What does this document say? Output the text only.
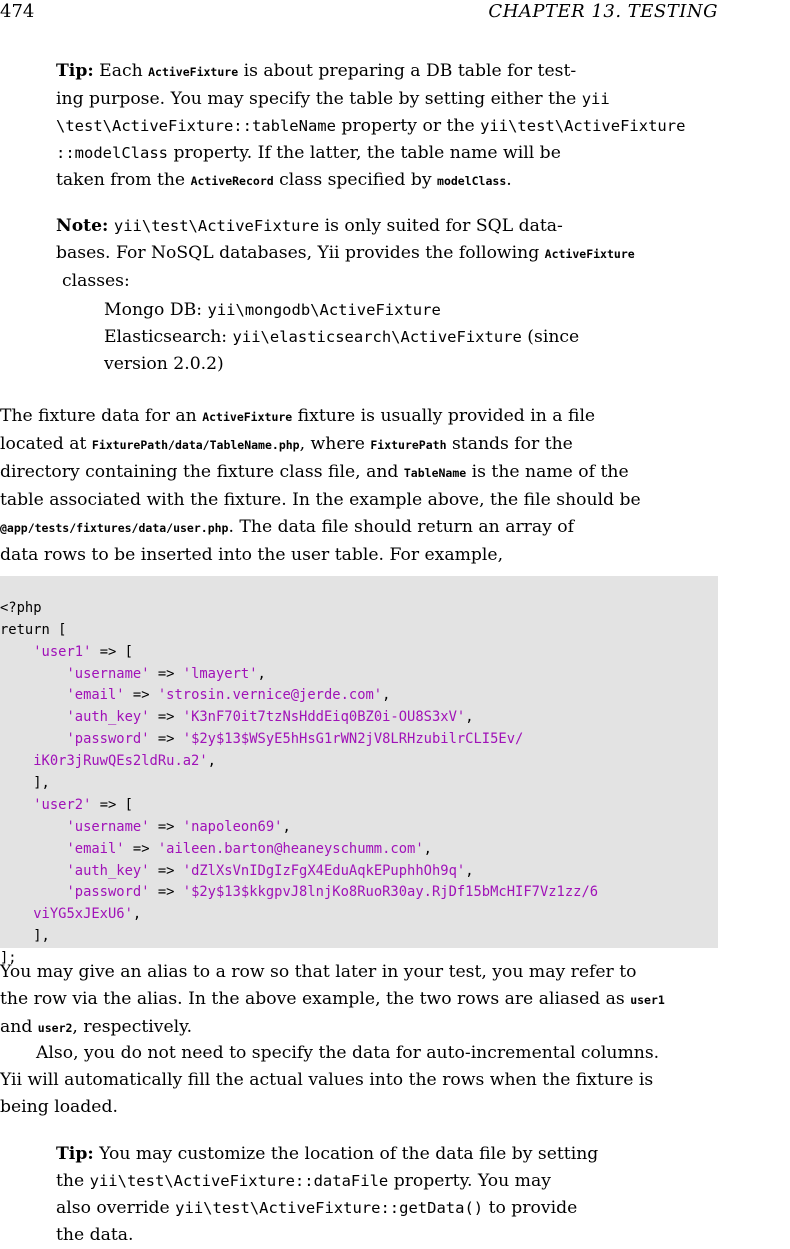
474	CHAPTER 13. TESTING

Tip: Each ActiveFixture is about preparing a DB table for test-

ing purpose. You may specify the table by setting either the yii

\test\ActiveFixture::tableName property or the yii\test\ActiveFixture

::modelClass property. If the latter, the table name will be

taken from the ActiveRecord class specified by modelClass.

Note: yii\test\ActiveFixture is only suited for SQL data-

bases. For NoSQL databases, Yii provides the following ActiveFixture

classes:

Mongo DB: yii\mongodb\ActiveFixture

Elasticsearch: yii\elasticsearch\ActiveFixture (since

version 2.0.2)

The fixture data for an ActiveFixture fixture is usually provided in a file

located at FixturePath/data/TableName.php, where FixturePath stands for the

directory containing the fixture class file, and TableName is the name of the

table associated with the fixture. In the example above, the file should be

@app/tests/fixtures/data/user.php. The data file should return an array of

data rows to be inserted into the user table. For example,

<?php
return [
'user1' => [
'username' => 'lmayert',
'email' => 'strosin.vernice@jerde.com',
'auth_key' => 'K3nF70it7tzNsHddEiq0BZ0i-OU8S3xV',
'password' => '$2y$13$WSyE5hHsG1rWN2jV8LRHzubilrCLI5Ev/
iK0r3jRuwQEs2ldRu.a2',
],
'user2' => [
'username' => 'napoleon69',
'email' => 'aileen.barton@heaneyschumm.com',
'auth_key' => 'dZlXsVnIDgIzFgX4EduAqkEPuphhOh9q',
'password' => '$2y$13$kkgpvJ8lnjKo8RuoR30ay.RjDf15bMcHIF7Vz1zz/6
viYG5xJExU6',
],
];

You may give an alias to a row so that later in your test, you may refer to

the row via the alias. In the above example, the two rows are aliased as user1

and user2, respectively.

Also, you do not need to specify the data for auto-incremental columns.

Yii will automatically fill the actual values into the rows when the fixture is

being loaded.

Tip: You may customize the location of the data file by setting

the yii\test\ActiveFixture::dataFile property. You may

also override yii\test\ActiveFixture::getData() to provide

the data.
